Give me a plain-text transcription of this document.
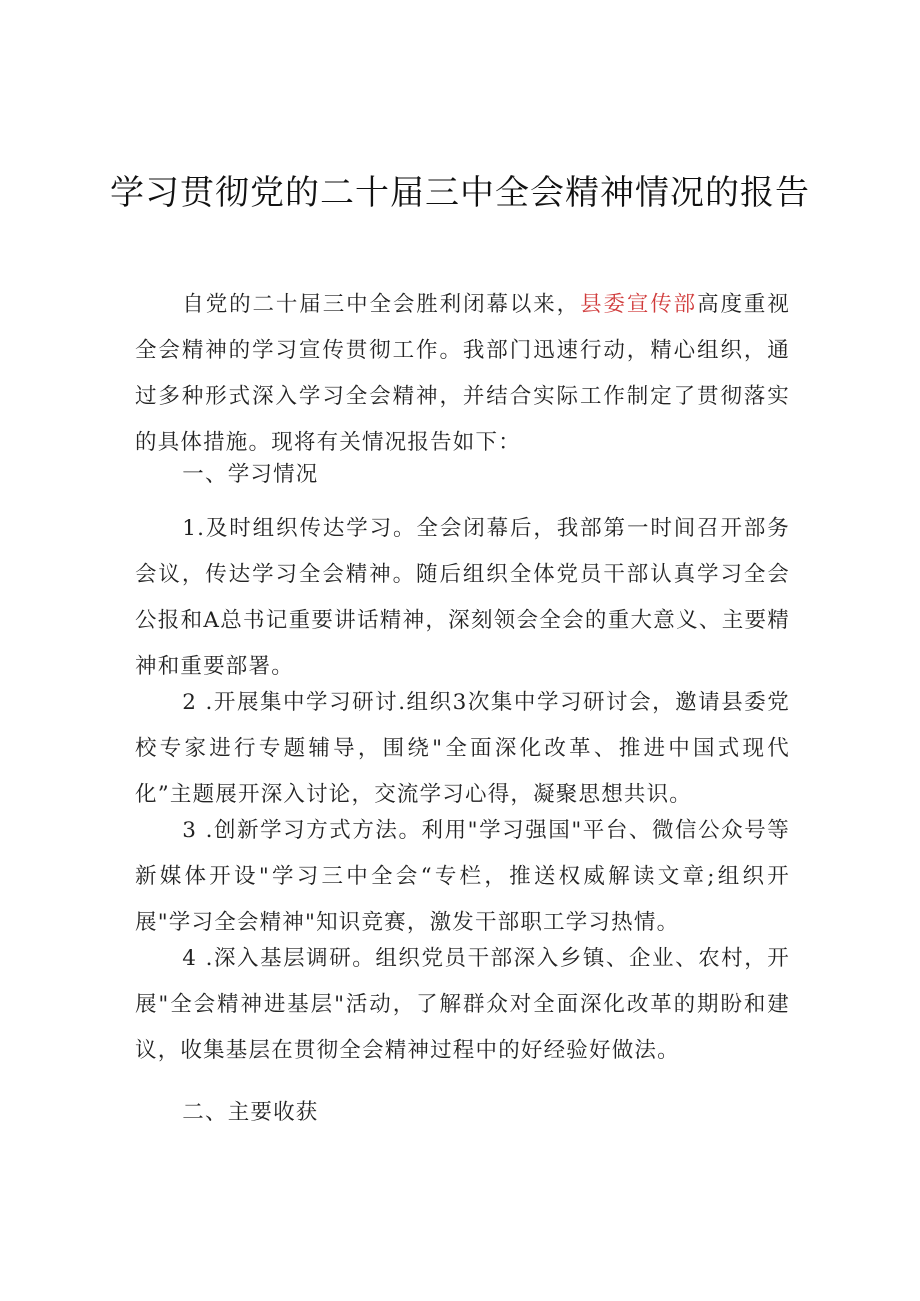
学习贯彻党的二十届三中全会精神情况的报告

自党的二十届三中全会胜利闭幕以来，县委宣传部高度重视全会精神的学习宣传贯彻工作。我部门迅速行动，精心组织，通过多种形式深入学习全会精神，并结合实际工作制定了贯彻落实的具体措施。现将有关情况报告如下：

一、学习情况

1.及时组织传达学习。全会闭幕后，我部第一时间召开部务会议，传达学习全会精神。随后组织全体党员干部认真学习全会公报和A总书记重要讲话精神，深刻领会全会的重大意义、主要精神和重要部署。

2 .开展集中学习研讨.组织3次集中学习研讨会，邀请县委党校专家进行专题辅导，围绕"全面深化改革、推进中国式现代化”主题展开深入讨论，交流学习心得，凝聚思想共识。

3 .创新学习方式方法。利用"学习强国"平台、微信公众号等新媒体开设"学习三中全会“专栏，推送权威解读文章;组织开展"学习全会精神"知识竞赛，激发干部职工学习热情。

4 .深入基层调研。组织党员干部深入乡镇、企业、农村，开展"全会精神进基层"活动，了解群众对全面深化改革的期盼和建议，收集基层在贯彻全会精神过程中的好经验好做法。

二、主要收获
